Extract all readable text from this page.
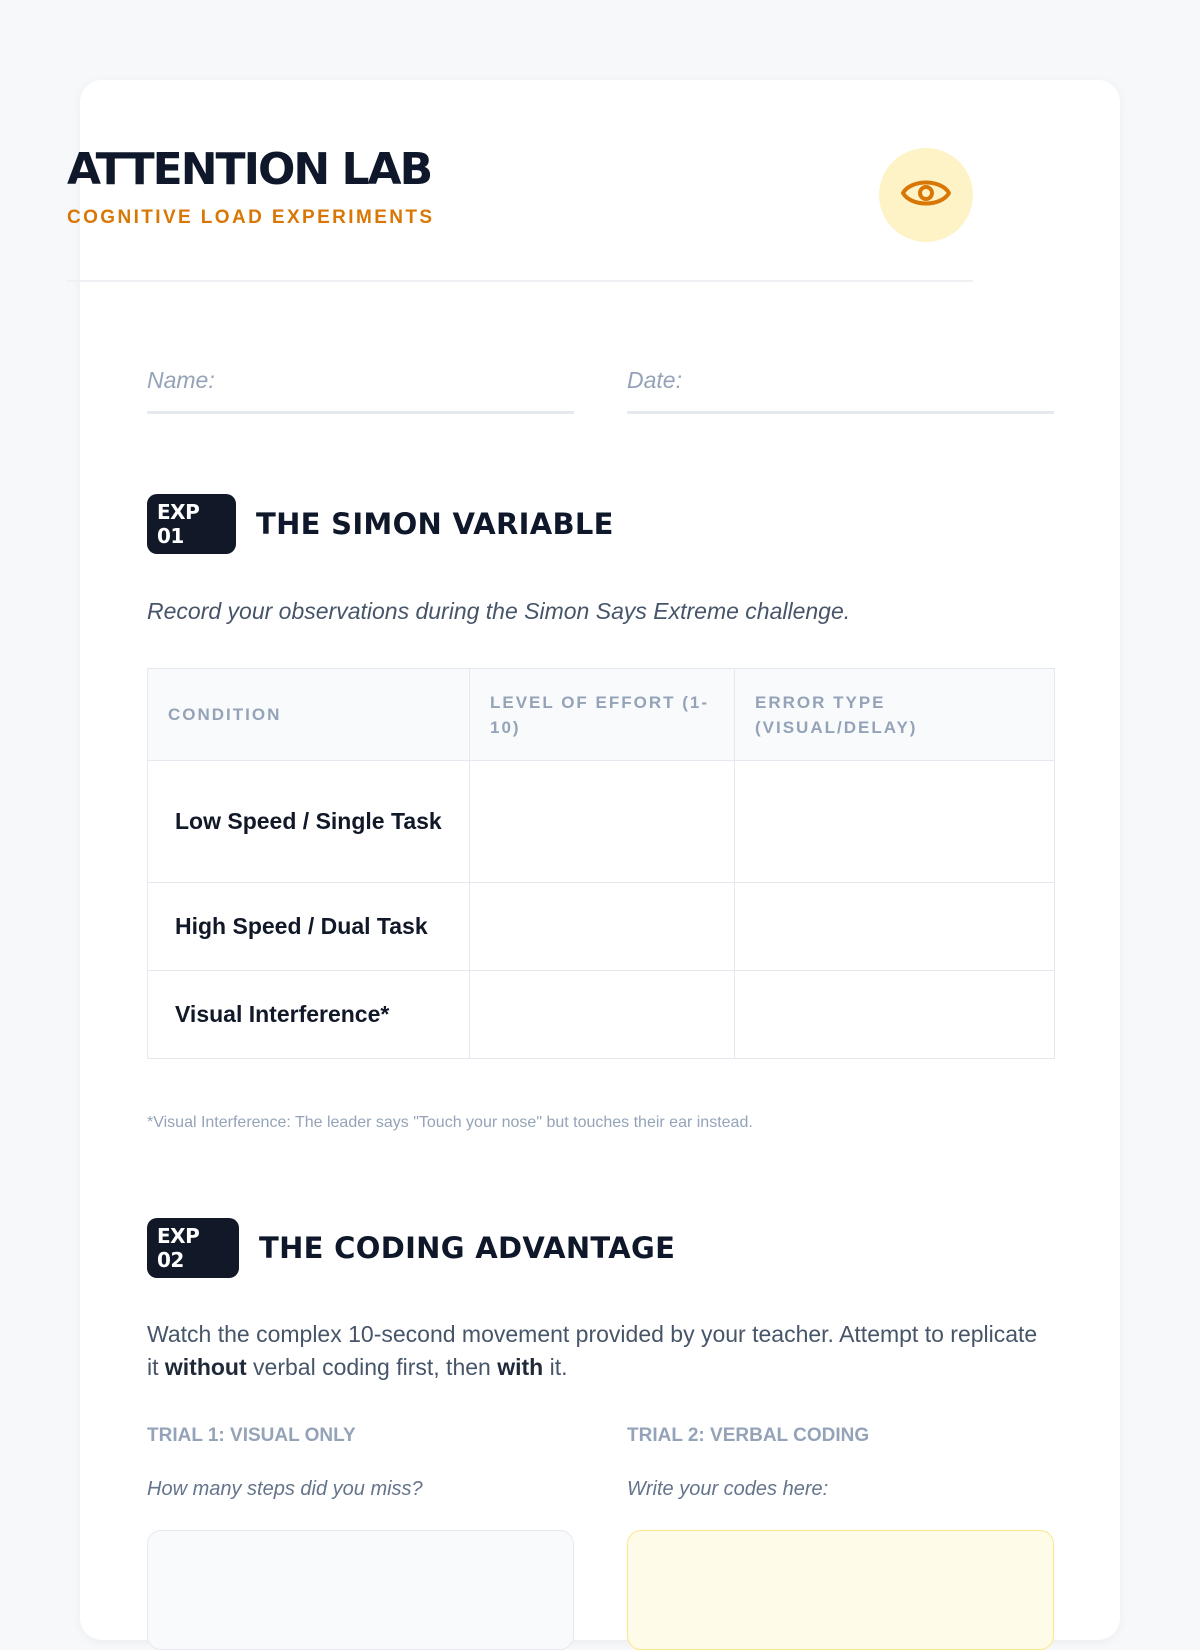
ATTENTION LAB
COGNITIVE LOAD EXPERIMENTS
Name:	Date:
EXP 01	THE SIMON VARIABLE
Record your observations during the Simon Says Extreme challenge.
CONDITION	LEVEL OF EFFORT (1-10)	ERROR TYPE (VISUAL/DELAY)
Low Speed / Single Task		
High Speed / Dual Task		
Visual Interference*		
*Visual Interference: The leader says "Touch your nose" but touches their ear instead.
EXP 02	THE CODING ADVANTAGE
Watch the complex 10-second movement provided by your teacher. Attempt to replicate it without verbal coding first, then with it.
TRIAL 1: VISUAL ONLY	TRIAL 2: VERBAL CODING
How many steps did you miss?	Write your codes here:
